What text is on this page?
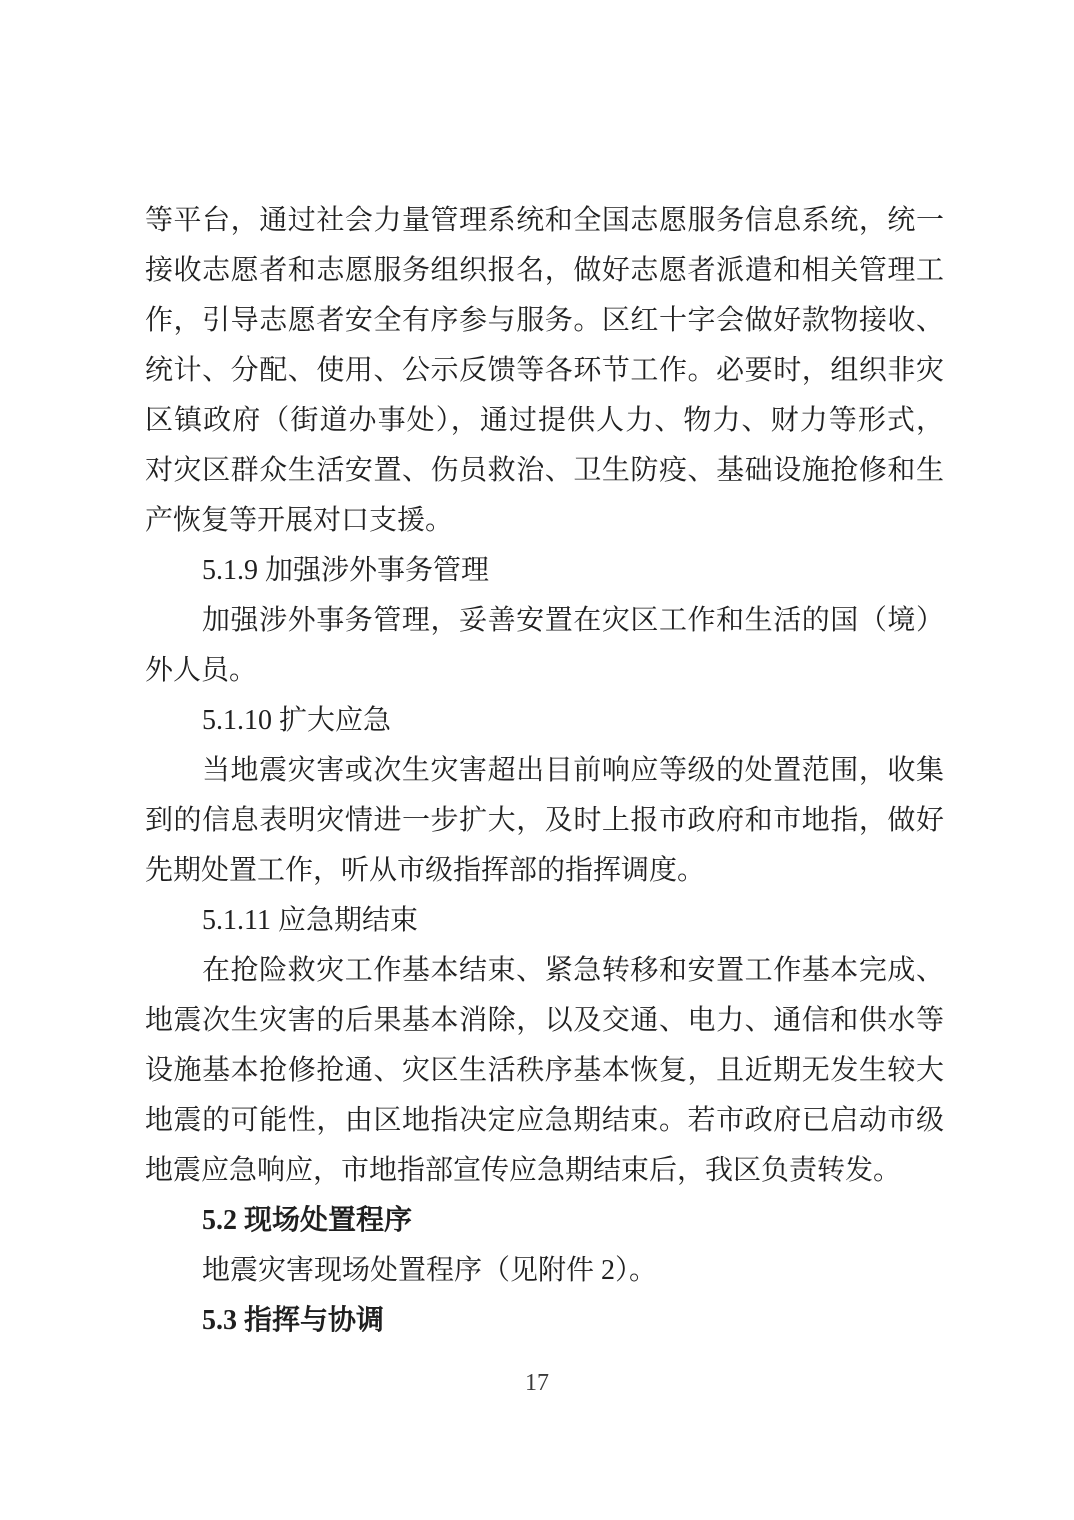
等平台，通过社会力量管理系统和全国志愿服务信息系统，统一
接收志愿者和志愿服务组织报名，做好志愿者派遣和相关管理工
作，引导志愿者安全有序参与服务。区红十字会做好款物接收、
统计、分配、使用、公示反馈等各环节工作。必要时，组织非灾
区镇政府（街道办事处），通过提供人力、物力、财力等形式，
对灾区群众生活安置、伤员救治、卫生防疫、基础设施抢修和生
产恢复等开展对口支援。
5.1.9 加强涉外事务管理
加强涉外事务管理，妥善安置在灾区工作和生活的国（境）
外人员。
5.1.10 扩大应急
当地震灾害或次生灾害超出目前响应等级的处置范围，收集
到的信息表明灾情进一步扩大，及时上报市政府和市地指，做好
先期处置工作，听从市级指挥部的指挥调度。
5.1.11 应急期结束
在抢险救灾工作基本结束、紧急转移和安置工作基本完成、
地震次生灾害的后果基本消除，以及交通、电力、通信和供水等
设施基本抢修抢通、灾区生活秩序基本恢复，且近期无发生较大
地震的可能性，由区地指决定应急期结束。若市政府已启动市级
地震应急响应，市地指部宣传应急期结束后，我区负责转发。
5.2 现场处置程序
地震灾害现场处置程序（见附件 2）。
5.3 指挥与协调
17
